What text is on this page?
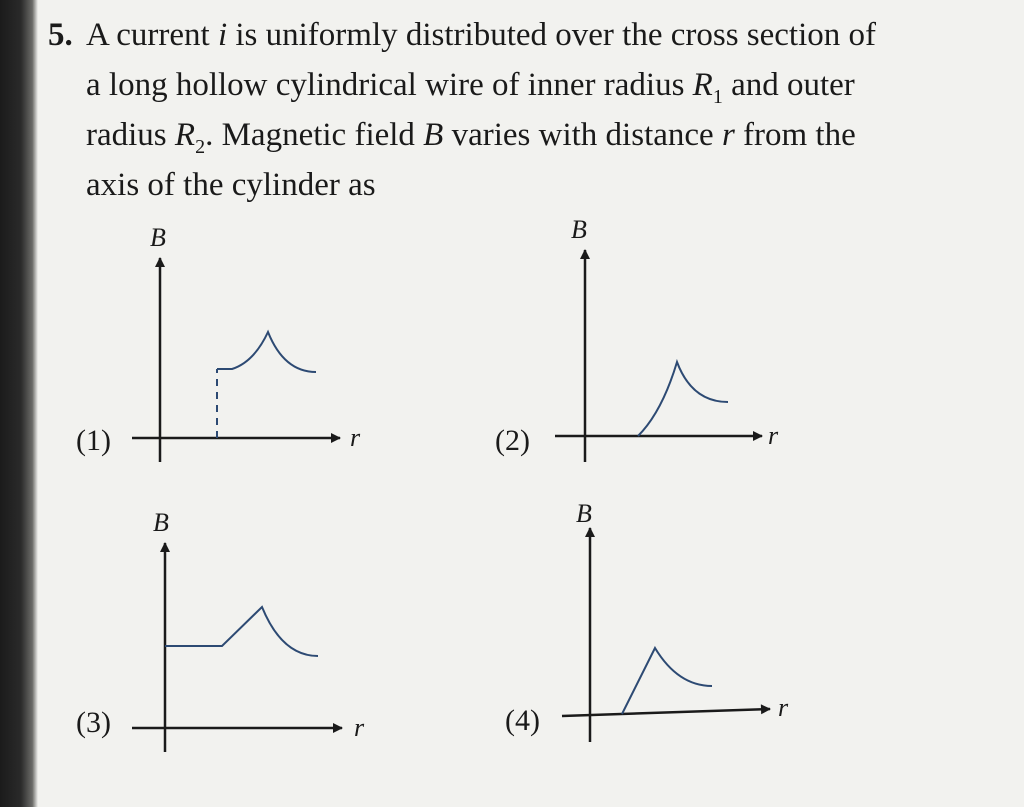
5. A current i is uniformly distributed over the cross section of
a long hollow cylindrical wire of inner radius $R_1$ and outer
radius $R_2$. Magnetic field B varies with distance r from the
axis of the cylinder as
(1)
B
r	(2)
B
r
(3)
B
r	(4)
B
r
